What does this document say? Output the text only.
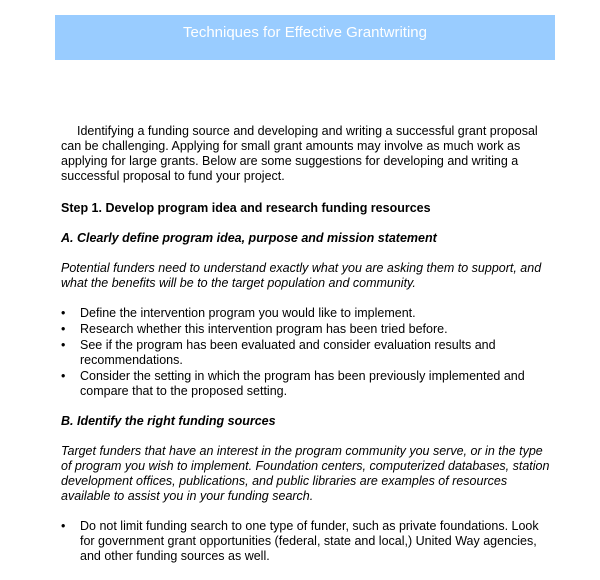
Techniques for Effective Grantwriting

Identifying a funding source and developing and writing a successful grant proposal can be challenging. Applying for small grant amounts may involve as much work as applying for large grants. Below are some suggestions for developing and writing a successful proposal to fund your project.

Step 1. Develop program idea and research funding resources

A. Clearly define program idea, purpose and mission statement

Potential funders need to understand exactly what you are asking them to support, and what the benefits will be to the target population and community.

• Define the intervention program you would like to implement.
• Research whether this intervention program has been tried before.
• See if the program has been evaluated and consider evaluation results and recommendations.
• Consider the setting in which the program has been previously implemented and compare that to the proposed setting.

B. Identify the right funding sources

Target funders that have an interest in the program community you serve, or in the type of program you wish to implement. Foundation centers, computerized databases, station development offices, publications, and public libraries are examples of resources available to assist you in your funding search.

• Do not limit funding search to one type of funder, such as private foundations. Look for government grant opportunities (federal, state and local,) United Way agencies, and other funding sources as well.
